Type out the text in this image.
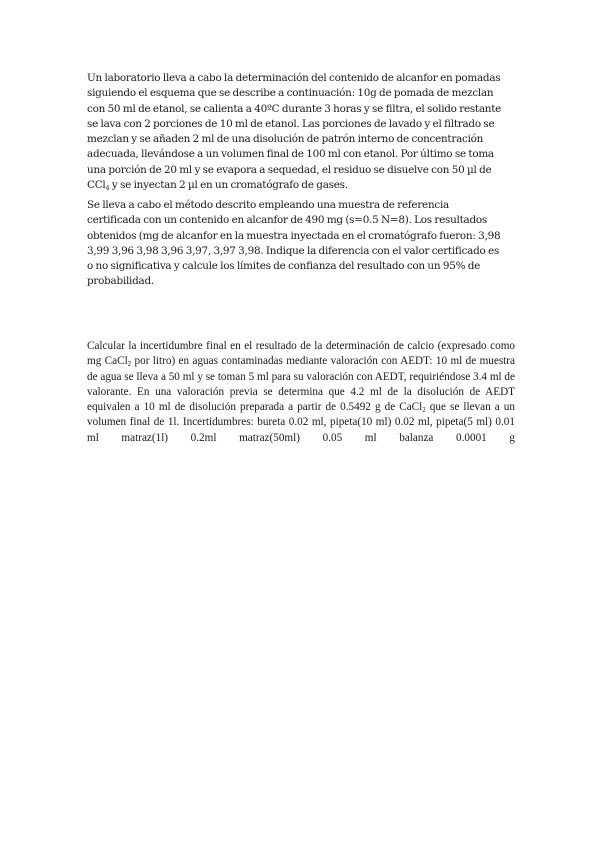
Un laboratorio lleva a cabo la determinación del contenido de alcanfor en pomadas
siguiendo el esquema que se describe a continuación: 10g de pomada de mezclan
con 50 ml de etanol, se calienta a 40ºC durante 3 horas y se filtra, el solido restante
se lava con 2 porciones de 10 ml de etanol. Las porciones de lavado y el filtrado se
mezclan y se añaden 2 ml de una disolución de patrón interno de concentración
adecuada, llevándose a un volumen final de 100 ml con etanol. Por último se toma
una porción de 20 ml y se evapora a sequedad, el residuo se disuelve con 50 µl de
CCl$_4$ y se inyectan 2 µl en un cromatógrafo de gases.

Se lleva a cabo el método descrito empleando una muestra de referencia
certificada con un contenido en alcanfor de 490 mg (s=0.5 N=8). Los resultados
obtenidos (mg de alcanfor en la muestra inyectada en el cromatógrafo fueron: 3,98
3,99 3,96 3,98 3,96 3,97, 3,97 3,98. Indique la diferencia con el valor certificado es
o no significativa y calcule los límites de confianza del resultado con un 95% de
probabilidad.

Calcular la incertidumbre final en el resultado de la determinación de calcio (expresado como mg CaCl$_2$ por litro) en aguas contaminadas mediante valoración con AEDT: 10 ml de muestra de agua se lleva a 50 ml y se toman 5 ml para su valoración con AEDT, requiriéndose 3.4 ml de valorante. En una valoración previa se determina que 4.2 ml de la disolución de AEDT equivalen a 10 ml de disolución preparada a partir de 0.5492 g de CaCl$_2$ que se llevan a un volumen final de 1l. Incertidumbres: bureta 0.02 ml, pipeta(10 ml) 0.02 ml, pipeta(5 ml) 0.01 ml matraz(1l) 0.2ml matraz(50ml) 0.05 ml balanza 0.0001 g
